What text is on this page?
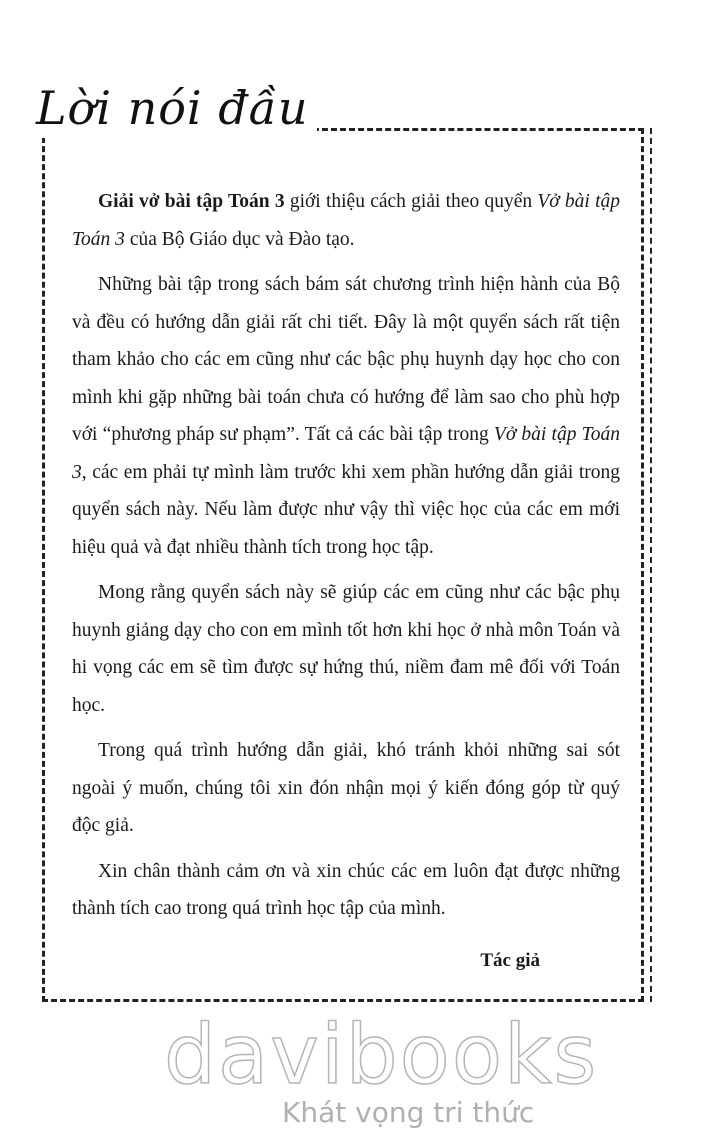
Lời nói đầu

Giải vở bài tập Toán 3 giới thiệu cách giải theo quyển Vở bài tập Toán 3 của Bộ Giáo dục và Đào tạo.

Những bài tập trong sách bám sát chương trình hiện hành của Bộ và đều có hướng dẫn giải rất chi tiết. Đây là một quyển sách rất tiện tham khảo cho các em cũng như các bậc phụ huynh dạy học cho con mình khi gặp những bài toán chưa có hướng để làm sao cho phù hợp với “phương pháp sư phạm”. Tất cả các bài tập trong Vở bài tập Toán 3, các em phải tự mình làm trước khi xem phần hướng dẫn giải trong quyển sách này. Nếu làm được như vậy thì việc học của các em mới hiệu quả và đạt nhiều thành tích trong học tập.

Mong rằng quyển sách này sẽ giúp các em cũng như các bậc phụ huynh giảng dạy cho con em mình tốt hơn khi học ở nhà môn Toán và hi vọng các em sẽ tìm được sự hứng thú, niềm đam mê đối với Toán học.

Trong quá trình hướng dẫn giải, khó tránh khỏi những sai sót ngoài ý muốn, chúng tôi xin đón nhận mọi ý kiến đóng góp từ quý độc giả.

Xin chân thành cảm ơn và xin chúc các em luôn đạt được những thành tích cao trong quá trình học tập của mình.

Tác giả
davibooks
Khát vọng tri thức
